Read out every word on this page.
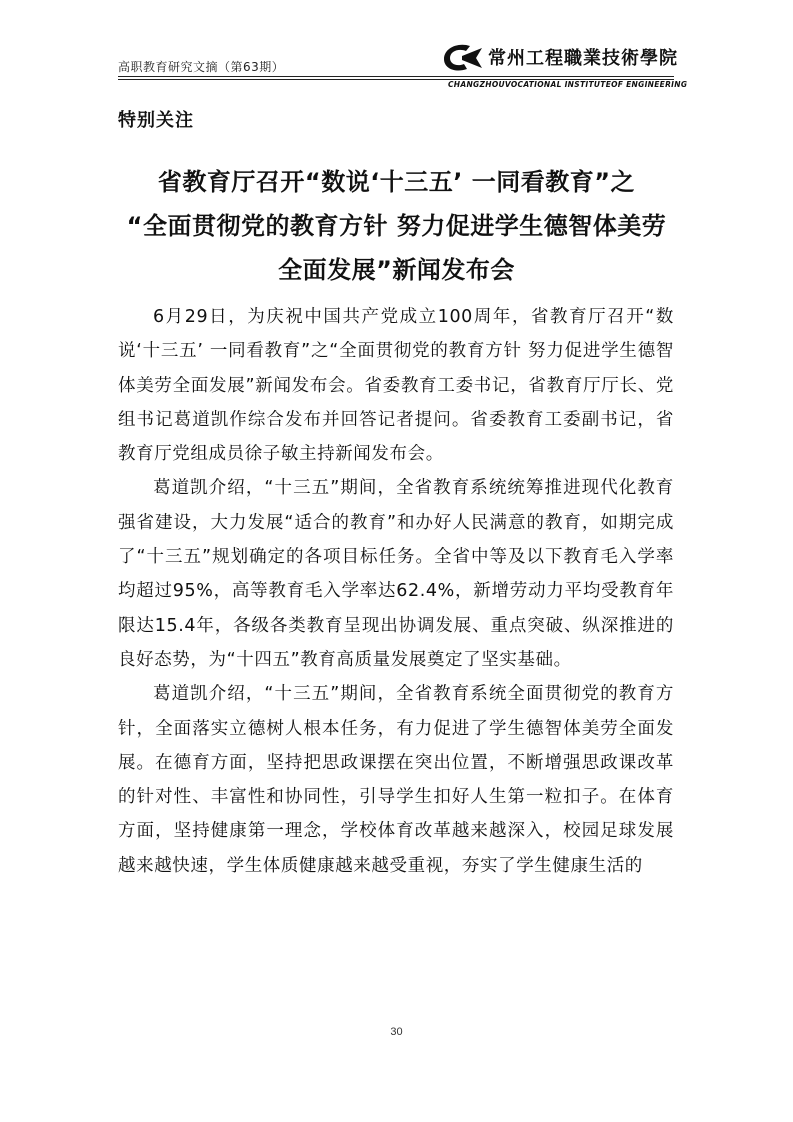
高职教育研究文摘（第63期）	常州工程職業技術學院
CHANGZHOUVOCATIONAL INSTITUTEOF ENGINEERING
特别关注
省教育厅召开“数说‘十三五’ 一同看教育”之
“全面贯彻党的教育方针 努力促进学生德智体美劳
全面发展”新闻发布会

6月29日，为庆祝中国共产党成立100周年，省教育厅召开“数说‘十三五’ 一同看教育”之“全面贯彻党的教育方针 努力促进学生德智体美劳全面发展”新闻发布会。省委教育工委书记，省教育厅厅长、党组书记葛道凯作综合发布并回答记者提问。省委教育工委副书记，省教育厅党组成员徐子敏主持新闻发布会。

葛道凯介绍，“十三五”期间，全省教育系统统筹推进现代化教育强省建设，大力发展“适合的教育”和办好人民满意的教育，如期完成了“十三五”规划确定的各项目标任务。全省中等及以下教育毛入学率均超过95%，高等教育毛入学率达62.4%，新增劳动力平均受教育年限达15.4年，各级各类教育呈现出协调发展、重点突破、纵深推进的良好态势，为“十四五”教育高质量发展奠定了坚实基础。

葛道凯介绍，“十三五”期间，全省教育系统全面贯彻党的教育方针，全面落实立德树人根本任务，有力促进了学生德智体美劳全面发展。在德育方面，坚持把思政课摆在突出位置，不断增强思政课改革的针对性、丰富性和协同性，引导学生扣好人生第一粒扣子。在体育方面，坚持健康第一理念，学校体育改革越来越深入，校园足球发展越来越快速，学生体质健康越来越受重视，夯实了学生健康生活的

30
